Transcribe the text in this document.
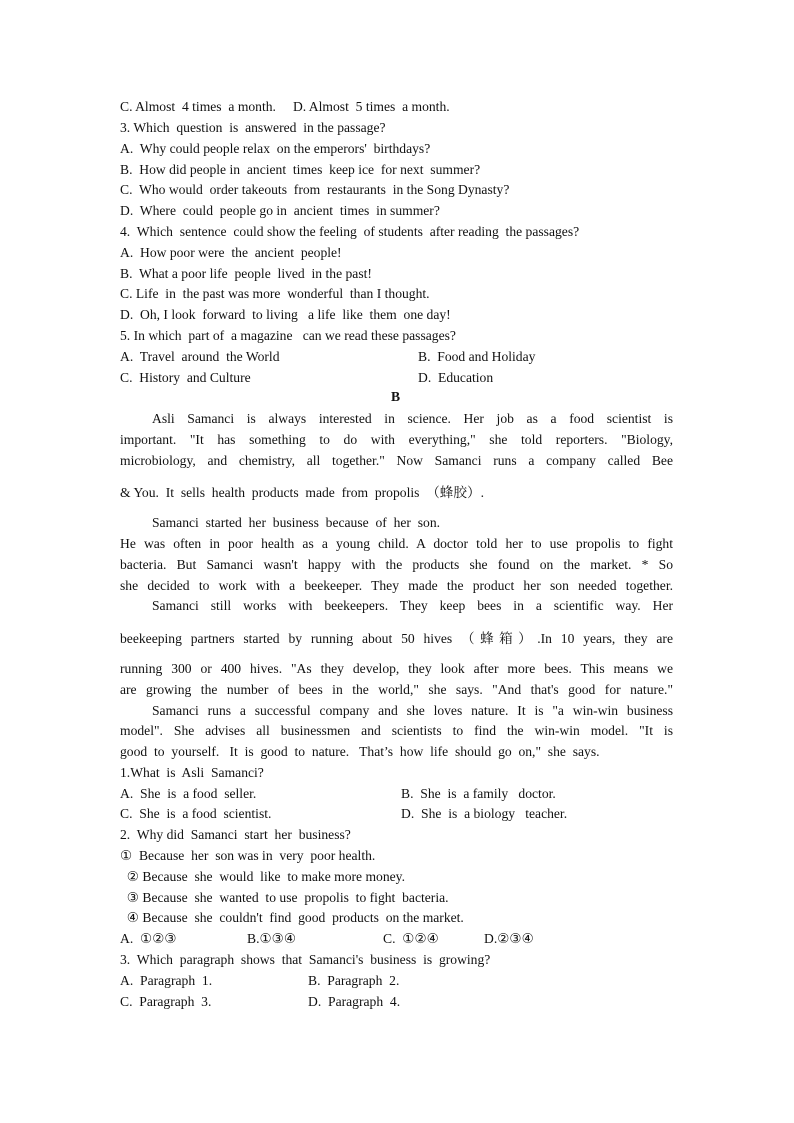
C. Almost  4 times  a month.     D. Almost  5 times  a month.
3. Which  question  is  answered  in the passage?
A.  Why could people relax  on the emperors'  birthdays?
B.  How did people in  ancient  times  keep ice  for next  summer?
C.  Who would  order takeouts  from  restaurants  in the Song Dynasty?
D.  Where  could  people go in  ancient  times  in summer?
4.  Which  sentence  could show the feeling  of students  after reading  the passages?
A.  How poor were  the  ancient  people!
B.  What a poor life  people  lived  in the past!
C. Life  in  the past was more  wonderful  than I thought.
D.  Oh, I look  forward  to living   a life  like  them  one day!
5. In which  part of  a magazine   can we read these passages?
A.  Travel  around  the World	B.  Food and Holiday
C.  History  and Culture	D.  Education
B
Asli Samanci is always interested in science. Her job as a food scientist is
important. "It has something to do with everything," she told reporters. "Biology,
microbiology, and chemistry, all together." Now Samanci runs a company called Bee
& You.  It  sells  health  products  made  from  propolis  （蜂胶）.
Samanci  started  her  business  because  of  her  son.
He was often in poor health as a young child. A doctor told her to use propolis to fight
bacteria. But Samanci wasn't happy with the products she found on the market. * So
she decided to work with a beekeeper. They made the product her son needed together.
Samanci still works with beekeepers. They keep bees in a scientific way. Her
beekeeping partners started by running about 50 hives （蜂箱）.In 10 years, they are
running 300 or 400 hives. "As they develop, they look after more bees. This means we
are growing the number of bees in the world," she says. "And that's good for nature."
Samanci runs a successful company and she loves nature. It is "a win-win business
model". She advises all businessmen and scientists to find the win-win model. "It is
good  to  yourself.   It  is  good  to  nature.   That’s  how  life  should  go  on,"  she  says.
1.What  is  Asli  Samanci?
A.  She  is  a food  seller.	B.  She  is  a family   doctor.
C.  She  is  a food  scientist.	D.  She  is  a biology   teacher.
2.  Why did  Samanci  start  her  business?
①  Because  her  son was in  very  poor health.
② Because  she  would  like  to make more money.
③ Because  she  wanted  to use  propolis  to fight  bacteria.
④ Because  she  couldn't  find  good  products  on the market.
A.  ①②③	B.①③④	C.  ①②④	D.②③④
3.  Which  paragraph  shows  that  Samanci's  business  is  growing?
A.  Paragraph  1.	B.  Paragraph  2.
C.  Paragraph  3.	D.  Paragraph  4.
